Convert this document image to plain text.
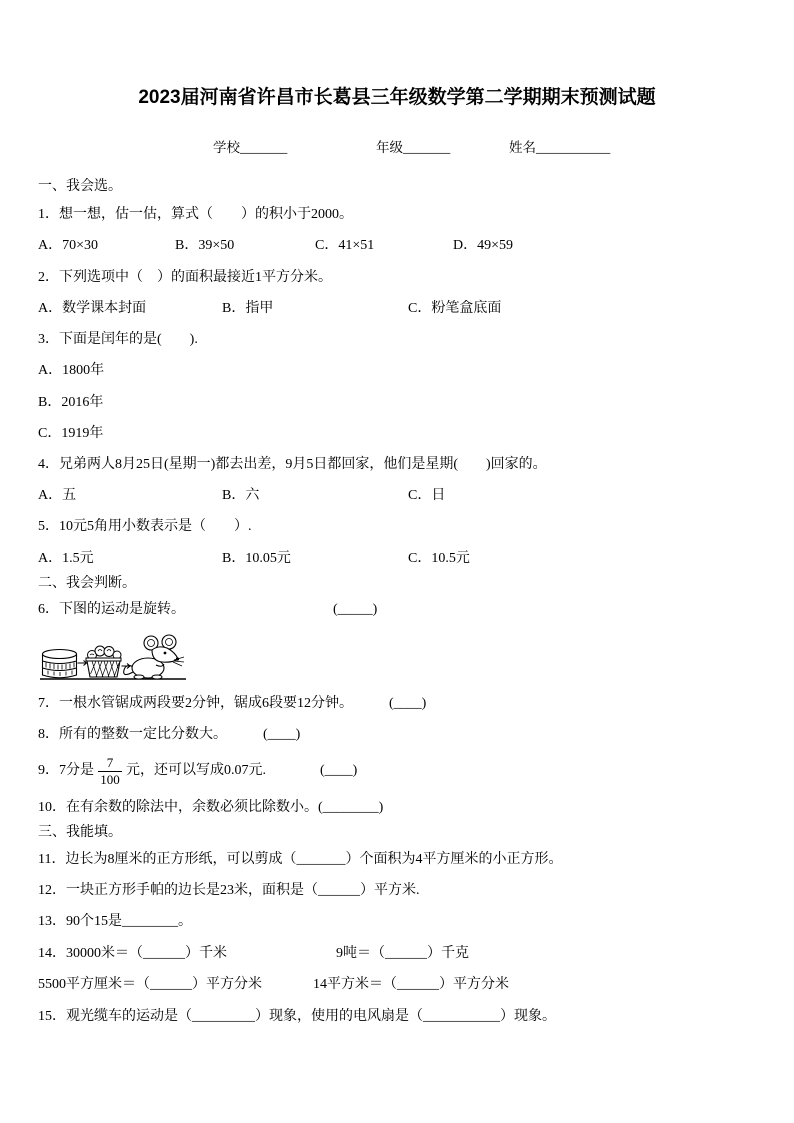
2023届河南省许昌市长葛县三年级数学第二学期期末预测试题
学校_______	年级_______	姓名___________
一、我会选。
1．想一想，估一估，算式（　　）的积小于2000。
A．70×30	B．39×50	C．41×51	D．49×59
2．下列选项中（　）的面积最接近1平方分米。
A．数学课本封面	B．指甲	C．粉笔盒底面
3．下面是闰年的是(　　).
A．1800年
B．2016年
C．1919年
4．兄弟两人8月25日(星期一)都去出差，9月5日都回家，他们是星期(　　)回家的。
A．五	B．六	C．日
5．10元5角用小数表示是（　　）.
A．1.5元	B．10.05元	C．10.5元
二、我会判断。
6．下图的运动是旋转。	(_____)
7．一根水管锯成两段要2分钟，锯成6段要12分钟。	(____)
8．所有的整数一定比分数大。	(____)
9．7分是 $\frac{7}{100}$ 元，还可以写成0.07元.	(____)
10．在有余数的除法中，余数必须比除数小。(________)
三、我能填。
11．边长为8厘米的正方形纸，可以剪成（_______）个面积为4平方厘米的小正方形。
12．一块正方形手帕的边长是23米，面积是（______）平方米.
13．90个15是________。
14．30000米＝（______）千米	9吨＝（______）千克
5500平方厘米＝（______）平方分米	14平方米＝（______）平方分米
15．观光缆车的运动是（_________）现象，使用的电风扇是（___________）现象。
